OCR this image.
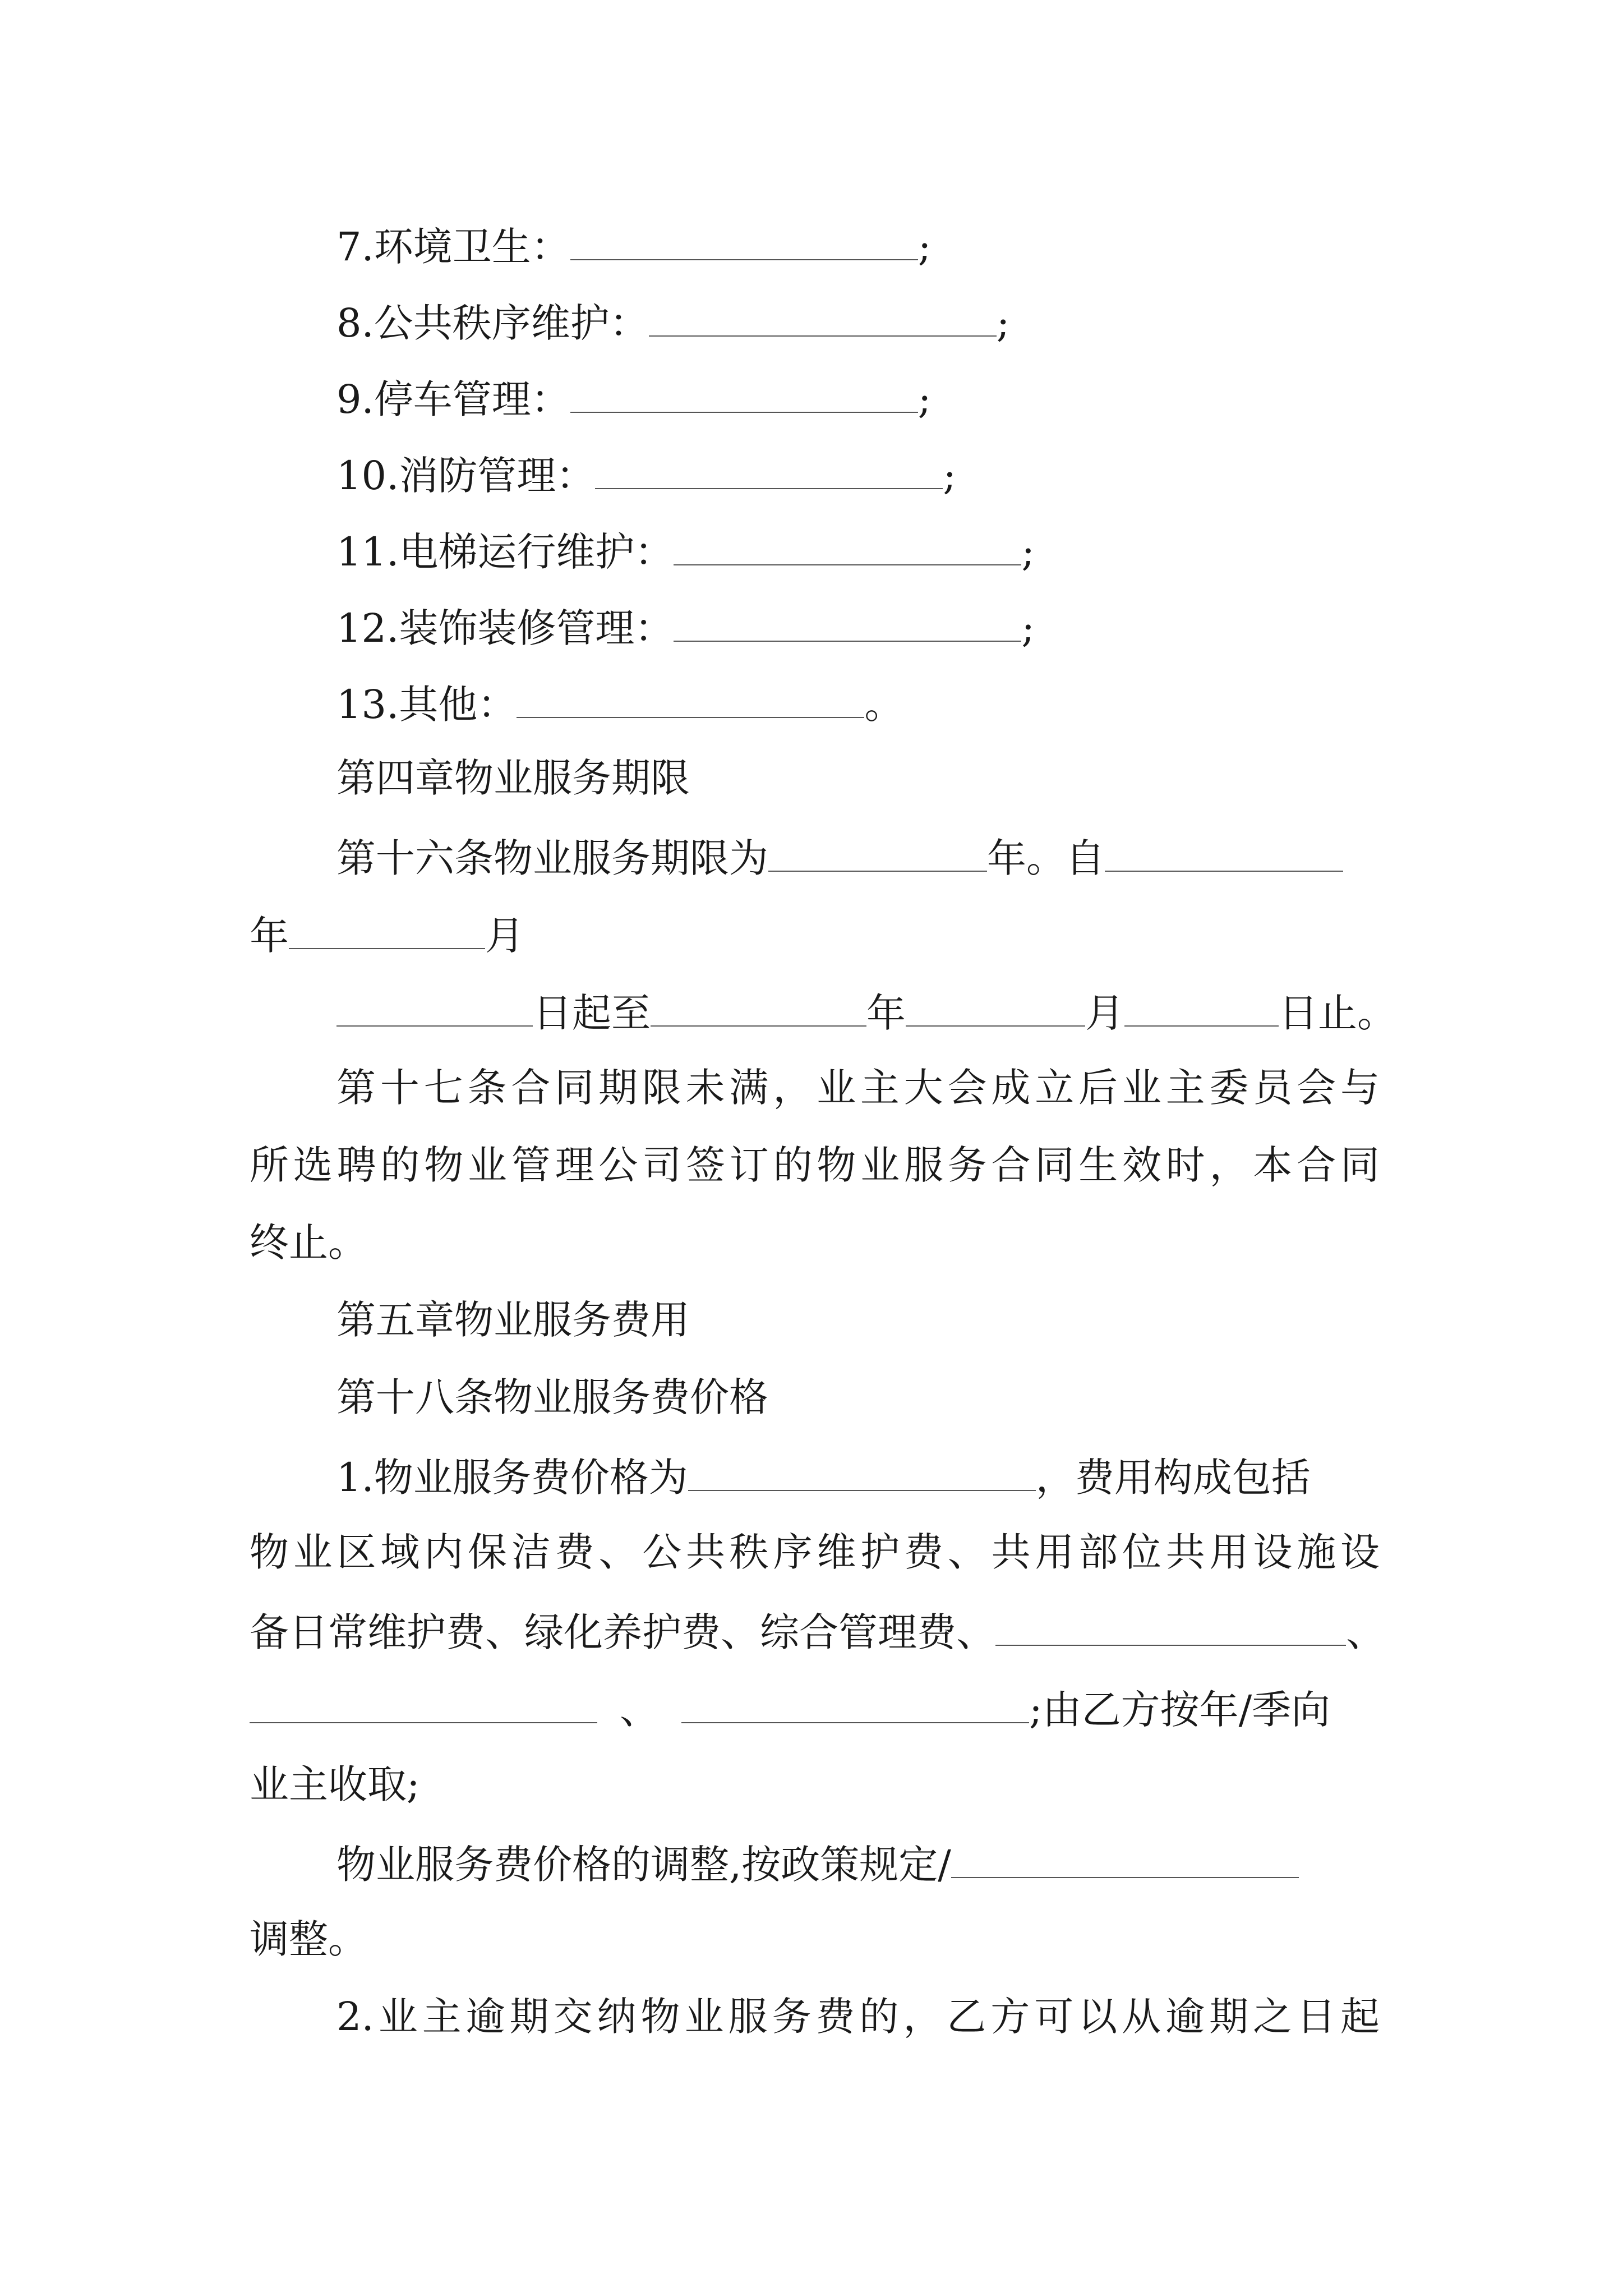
7.环境卫生：	;
8.公共秩序维护：	;
9.停车管理：	;
10.消防管理：	;
11.电梯运行维护：	;
12.装饰装修管理：	;
13.其他：	。
第四章物业服务期限
第十六条物业服务期限为	年。自
年	月
日起至	年	月	日止。
第十七条合同期限未满，业主大会成立后业主委员会与
所选聘的物业管理公司签订的物业服务合同生效时，本合同
终止。
第五章物业服务费用
第十八条物业服务费价格
1.物业服务费价格为	，费用构成包括
物业区域内保洁费、公共秩序维护费、共用部位共用设施设
备日常维护费、绿化养护费、综合管理费、	、
、	;由乙方按年/季向
业主收取;
物业服务费价格的调整,按政策规定/
调整。
2.业主逾期交纳物业服务费的，乙方可以从逾期之日起
